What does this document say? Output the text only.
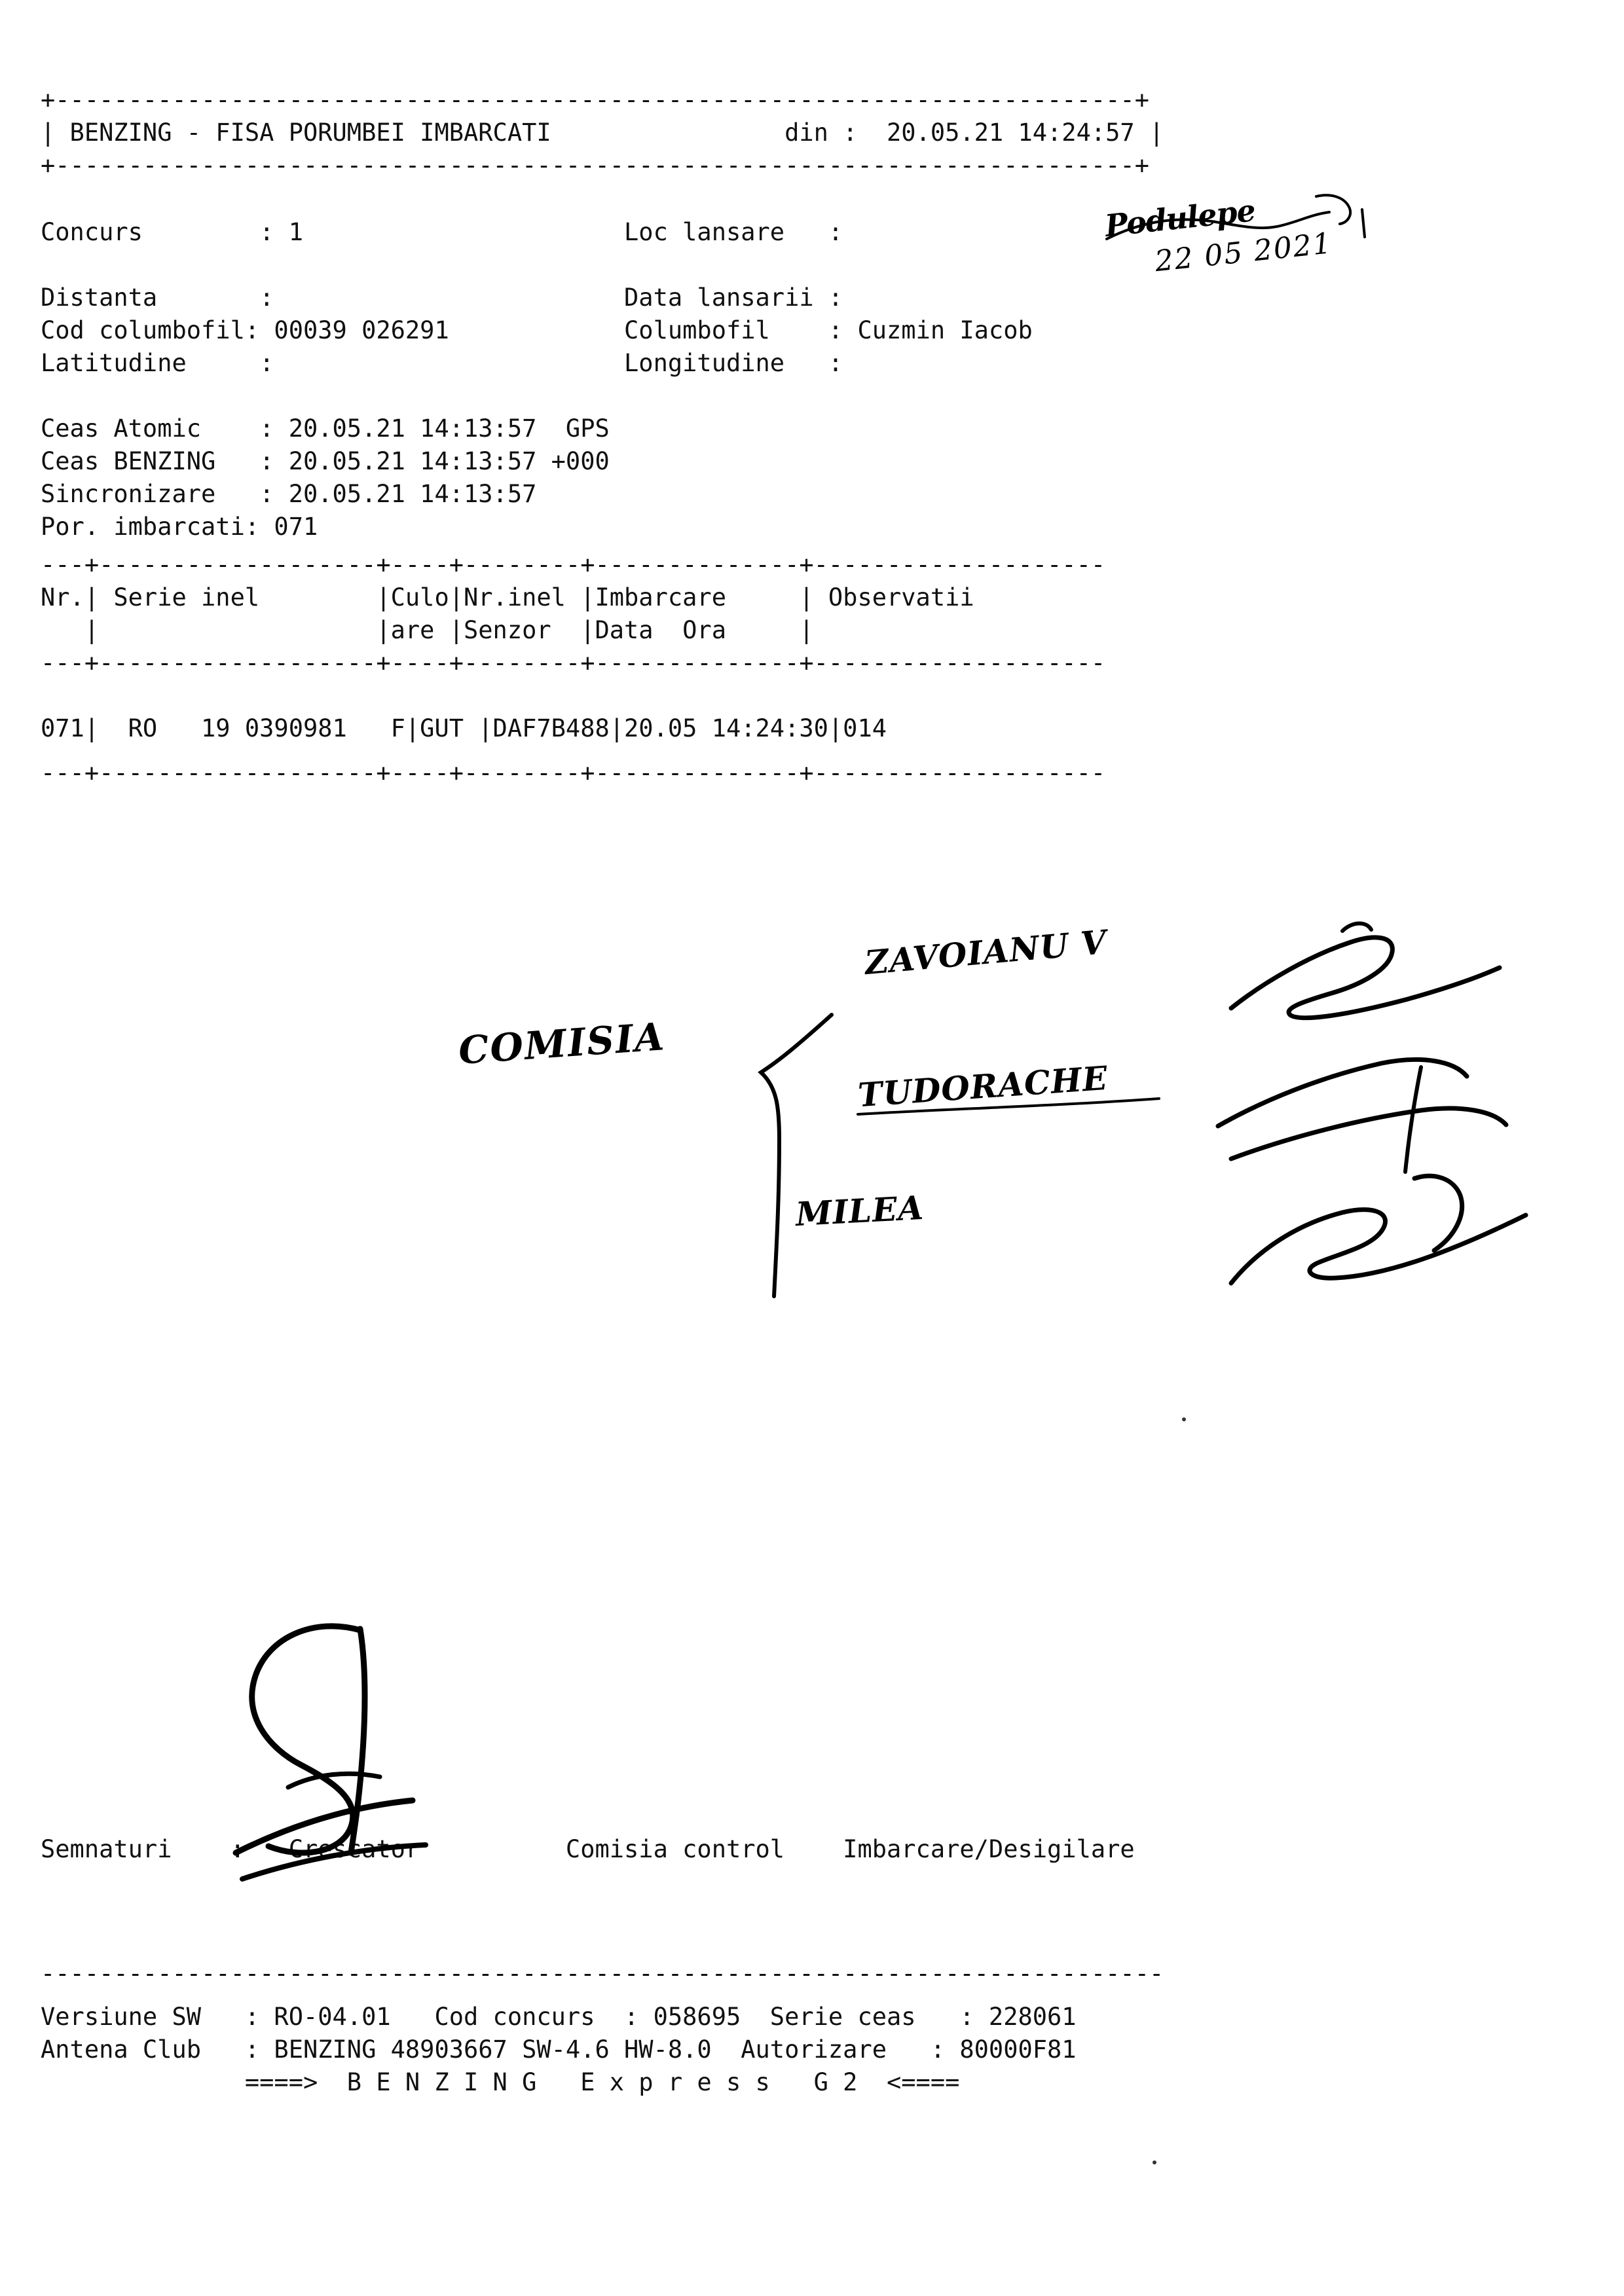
+--------------------------------------------------------------------------+
| BENZING - FISA PORUMBEI IMBARCATI                din :  20.05.21 14:24:57 |
+--------------------------------------------------------------------------+
Concurs        : 1                      Loc lansare   :

Distanta       :                        Data lansarii :
Cod columbofil: 00039 026291            Columbofil    : Cuzmin Iacob
Latitudine     :                        Longitudine   :
Ceas Atomic    : 20.05.21 14:13:57  GPS
Ceas BENZING   : 20.05.21 14:13:57 +000
Sincronizare   : 20.05.21 14:13:57
Por. imbarcati: 071
---+-------------------+----+--------+--------------+--------------------
Nr.| Serie inel        |Culo|Nr.inel |Imbarcare     | Observatii
|                   |are |Senzor  |Data  Ora     |
---+-------------------+----+--------+--------------+--------------------

071|  RO   19 0390981   F|GUT |DAF7B488|20.05 14:24:30|014

---+-------------------+----+--------+--------------+--------------------
Semnaturi    :   Crescator          Comisia control    Imbarcare/Desigilare
-----------------------------------------------------------------------------

Versiune SW   : RO-04.01   Cod concurs  : 058695  Serie ceas   : 228061
Antena Club   : BENZING 48903667 SW-4.6 HW-8.0  Autorizare   : 80000F81
====>  B E N Z I N G   E x p r e s s   G 2  <====
Podulepe
22 05 2021
COMISIA
ZAVOIANU V
TUDORACHE
MILEA
